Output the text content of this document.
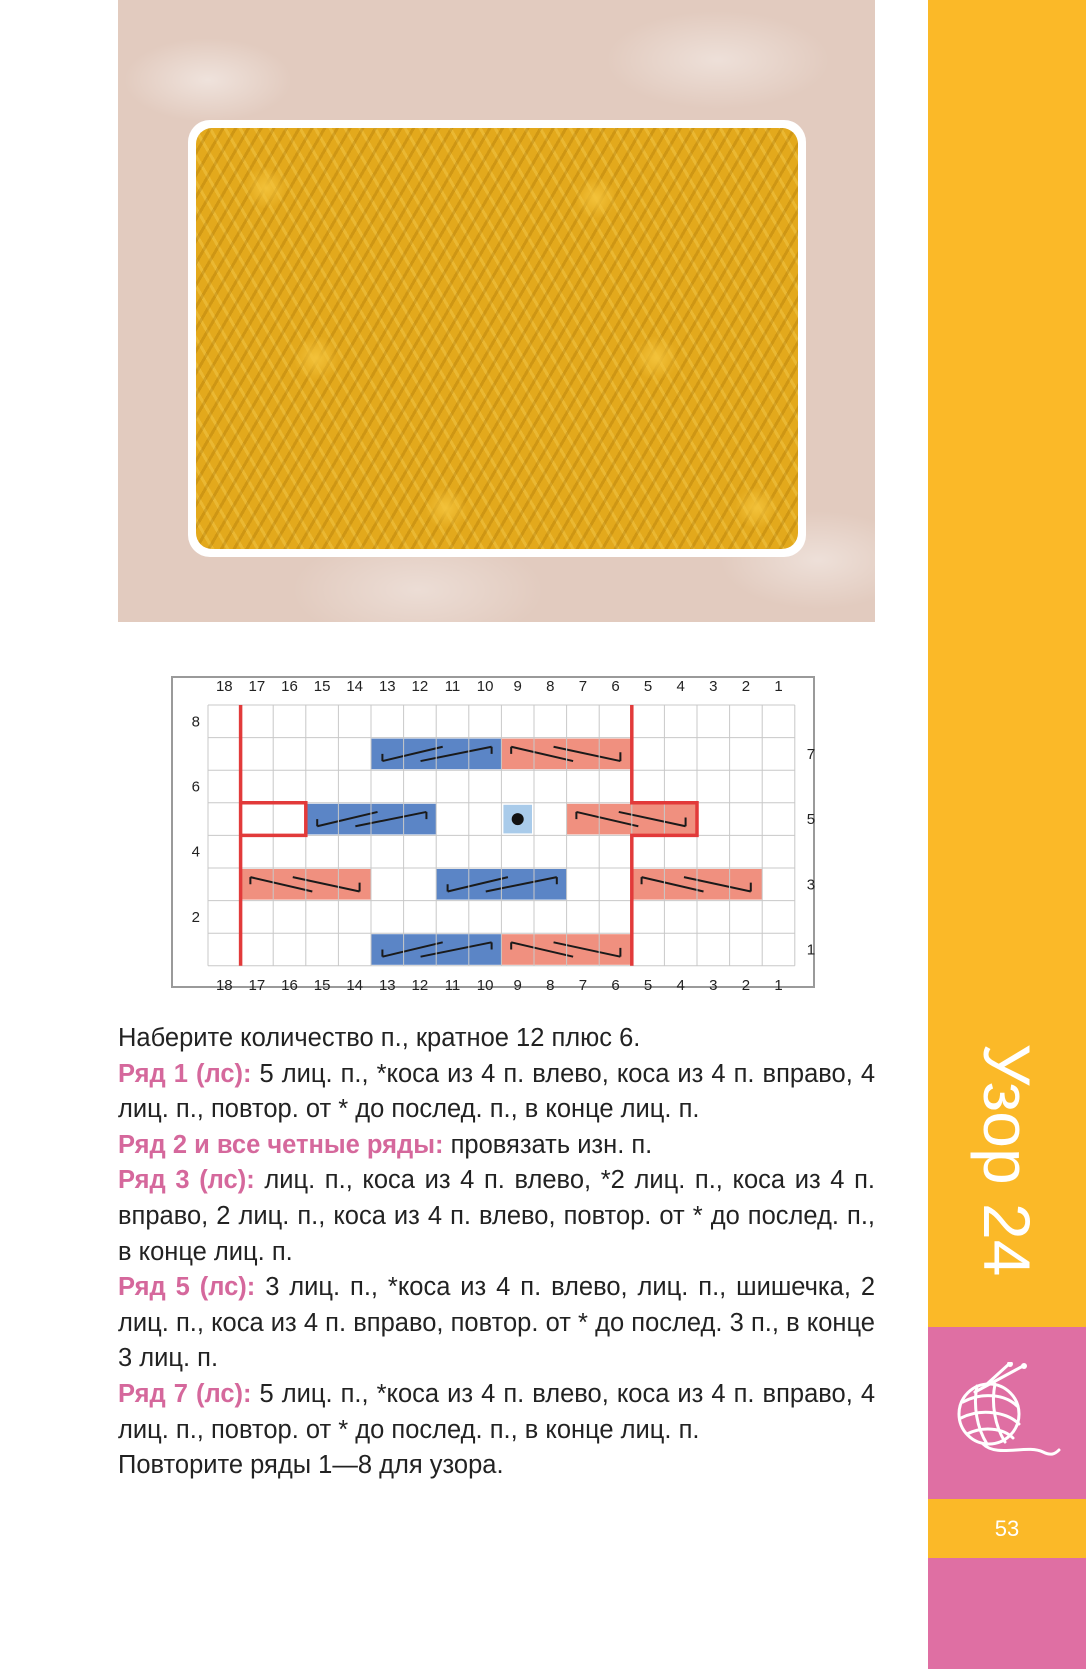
18
18
17
17
16
16
15
15
14
14
13
13
12
12
11
11
10
10
9
9
8
8
7
7
6
6
5
5
4
4
3
3
2
2
1
1
8
6
4
2
7
5
3
1

Наберите количество п., кратное 12 плюс 6.

Ряд 1 (лс): 5 лиц. п., *коса из 4 п. влево, коса из 4 п. вправо, 4 лиц. п., повтор. от * до послед. п., в конце лиц. п.

Ряд 2 и все четные ряды: провязать изн. п.

Ряд 3 (лс): лиц. п., коса из 4 п. влево, *2 лиц. п., коса из 4 п. вправо, 2 лиц. п., коса из 4 п. влево, повтор. от * до послед. п., в конце лиц. п.

Ряд 5 (лс): 3 лиц. п., *коса из 4 п. влево, лиц. п., шишечка, 2 лиц. п., коса из 4 п. вправо, повтор. от * до послед. 3 п., в конце 3 лиц. п.

Ряд 7 (лс): 5 лиц. п., *коса из 4 п. влево, коса из 4 п. вправо, 4 лиц. п., повтор. от * до послед. п., в конце лиц. п.

Повторите ряды 1—8 для узора.

Узор 24
53
